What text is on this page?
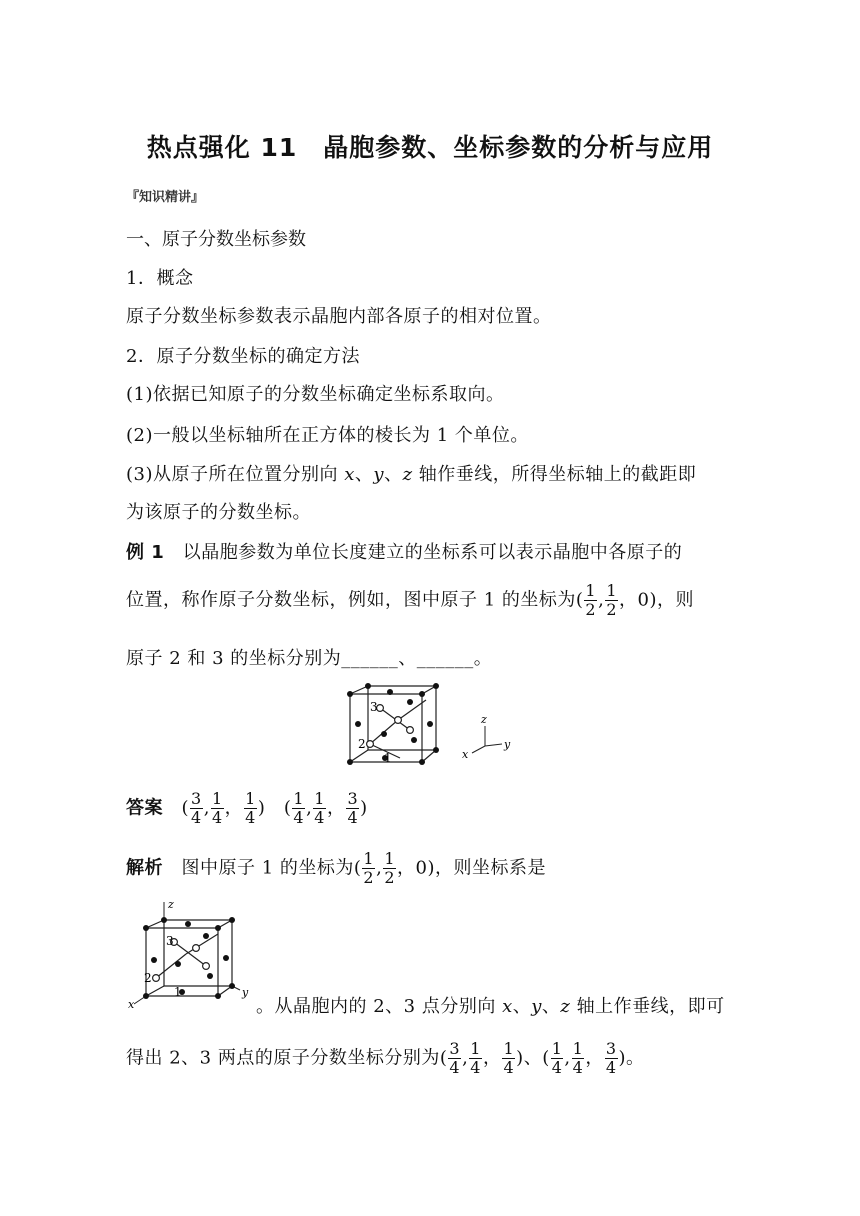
热点强化 11　晶胞参数、坐标参数的分析与应用
『知识精讲』
一、原子分数坐标参数
1．概念
原子分数坐标参数表示晶胞内部各原子的相对位置。
2．原子分数坐标的确定方法
(1)依据已知原子的分数坐标确定坐标系取向。
(2)一般以坐标轴所在正方体的棱长为 1 个单位。
(3)从原子所在位置分别向 x、y、z 轴作垂线，所得坐标轴上的截距即
为该原子的分数坐标。
例 1　 以晶胞参数为单位长度建立的坐标系可以表示晶胞中各原子的
位置，称作原子分数坐标，例如，图中原子 1 的坐标为( $\frac{1}{2}$ , $\frac{1}{2}$ ，0)，则
原子 2 和 3 的坐标分别为______、______。
3
2
1
z
y
x
答案　( $\frac{3}{4}$ , $\frac{1}{4}$ ， $\frac{1}{4}$ )　( $\frac{1}{4}$ , $\frac{1}{4}$ ， $\frac{3}{4}$ )
解析　 图中原子 1 的坐标为( $\frac{1}{2}$ , $\frac{1}{2}$ ，0)，则坐标系是
3
2
1
z
y
x	。从晶胞内的 2、3 点分别向 x、y、z 轴上作垂线，即可
得出 2、3 两点的原子分数坐标分别为( $\frac{3}{4}$ , $\frac{1}{4}$ ， $\frac{1}{4}$ )、( $\frac{1}{4}$ , $\frac{1}{4}$ ， $\frac{3}{4}$ )。
